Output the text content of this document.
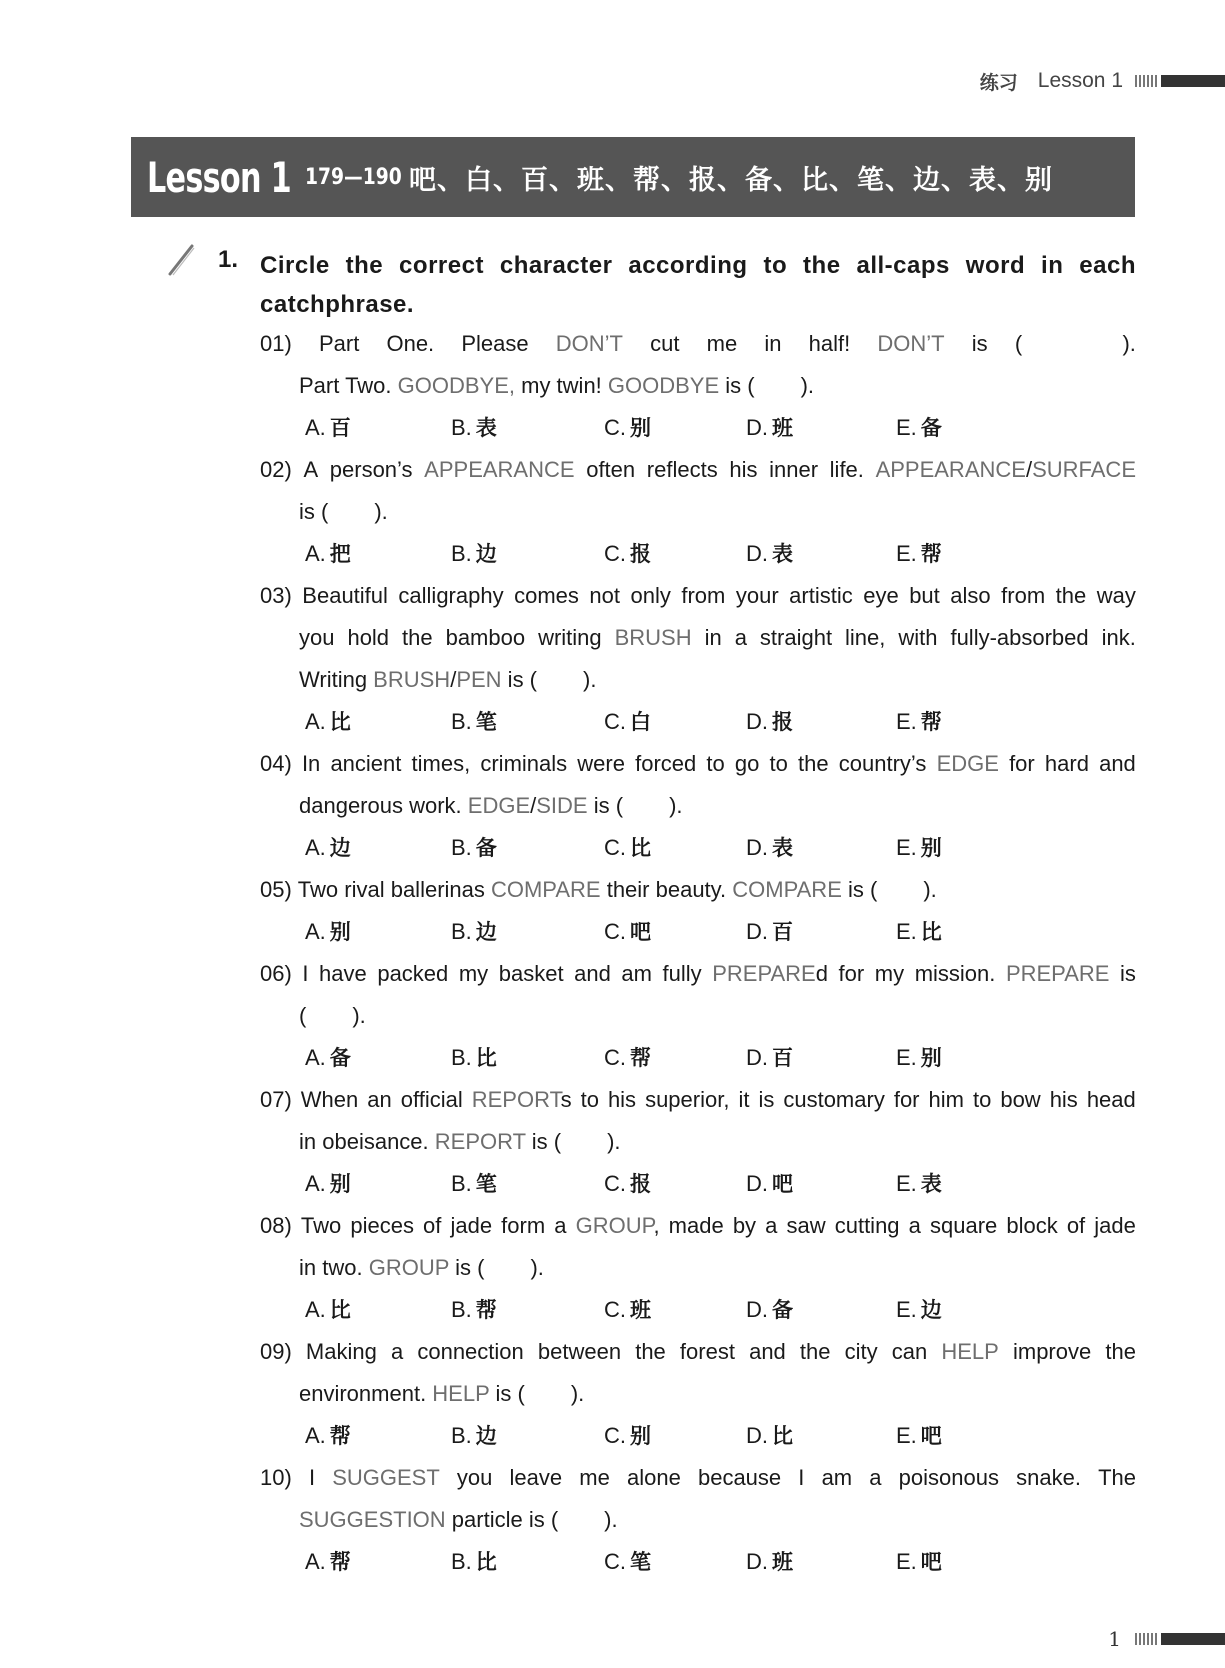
练习 Lesson 1
Lesson 1 179—190 吧、白、百、班、帮、报、备、比、笔、边、表、别
1. Circle the correct character according to the all-caps word in each catchphrase.
01) Part One. Please DON’T cut me in half! DON’T is (	).
Part Two. GOODBYE, my twin! GOODBYE is ( ).
A. 百	B. 表	C. 别	D. 班	E. 备
02) A person’s APPEARANCE often reflects his inner life. APPEARANCE/SURFACE
is ( ).
A. 把	B. 边	C. 报	D. 表	E. 帮
03) Beautiful calligraphy comes not only from your artistic eye but also from the way
you hold the bamboo writing BRUSH in a straight line, with fully-absorbed ink.
Writing BRUSH/PEN is ( ).
A. 比	B. 笔	C. 白	D. 报	E. 帮
04) In ancient times, criminals were forced to go to the country’s EDGE for hard and
dangerous work. EDGE/SIDE is ( ).
A. 边	B. 备	C. 比	D. 表	E. 别
05) Two rival ballerinas COMPARE their beauty. COMPARE is ( ).
A. 别	B. 边	C. 吧	D. 百	E. 比
06) I have packed my basket and am fully PREPAREd for my mission. PREPARE is
( ).
A. 备	B. 比	C. 帮	D. 百	E. 别
07) When an official REPORTs to his superior, it is customary for him to bow his head
in obeisance. REPORT is ( ).
A. 别	B. 笔	C. 报	D. 吧	E. 表
08) Two pieces of jade form a GROUP, made by a saw cutting a square block of jade
in two. GROUP is ( ).
A. 比	B. 帮	C. 班	D. 备	E. 边
09) Making a connection between the forest and the city can HELP improve the
environment. HELP is ( ).
A. 帮	B. 边	C. 别	D. 比	E. 吧
10) I SUGGEST you leave me alone because I am a poisonous snake. The
SUGGESTION particle is ( ).
A. 帮	B. 比	C. 笔	D. 班	E. 吧
1
